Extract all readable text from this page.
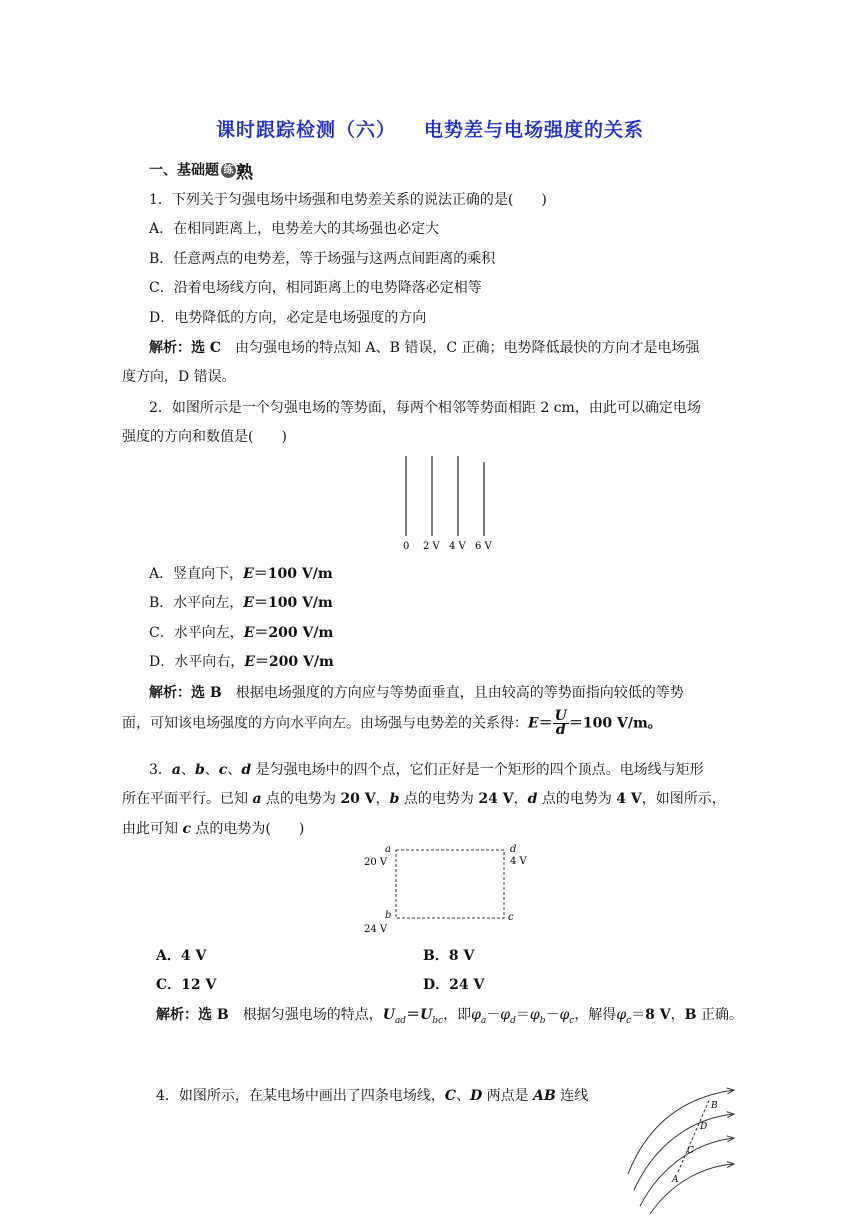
课时跟踪检测（六） 电势差与电场强度的关系
一、基础题 练 熟
1．下列关于匀强电场中场强和电势差关系的说法正确的是(　　)
A．在相同距离上，电势差大的其场强也必定大
B．任意两点的电势差，等于场强与这两点间距离的乘积
C．沿着电场线方向，相同距离上的电势降落必定相等
D．电势降低的方向，必定是电场强度的方向
解析：选 C　由匀强电场的特点知 A、B 错误，C 正确；电势降低最快的方向才是电场强
度方向，D 错误。
2．如图所示是一个匀强电场的等势面，每两个相邻等势面相距 2 cm，由此可以确定电场
强度的方向和数值是(　　)
0 2 V 4 V 6 V
A．竖直向下，E＝100 V/m
B．水平向左，E＝100 V/m
C．水平向左，E＝200 V/m
D．水平向右，E＝200 V/m
解析：选 B　根据电场强度的方向应与等势面垂直，且由较高的等势面指向较低的等势
面，可知该电场强度的方向水平向左。由场强与电势差的关系得：$E= \frac{U}{d} =100$ V/m。
3．a、b、c、d 是匀强电场中的四个点，它们正好是一个矩形的四个顶点。电场线与矩形
所在平面平行。已知 a 点的电势为 20 V，b 点的电势为 24 V，d 点的电势为 4 V，如图所示，
由此可知 c 点的电势为(　　)
a
20 V
d
4 V
b
24 V
c
A．4 V	B．8 V
C．12 V	D．24 V
解析：选 B　根据匀强电场的特点，$U_{ad}=U_{bc}$，即$\varphi_a-\varphi_d=\varphi_b-\varphi_c$，解得$\varphi_c=8$ V，B 正确。
4．如图所示，在某电场中画出了四条电场线，C、D 两点是 AB 连线
A
B
C
D
